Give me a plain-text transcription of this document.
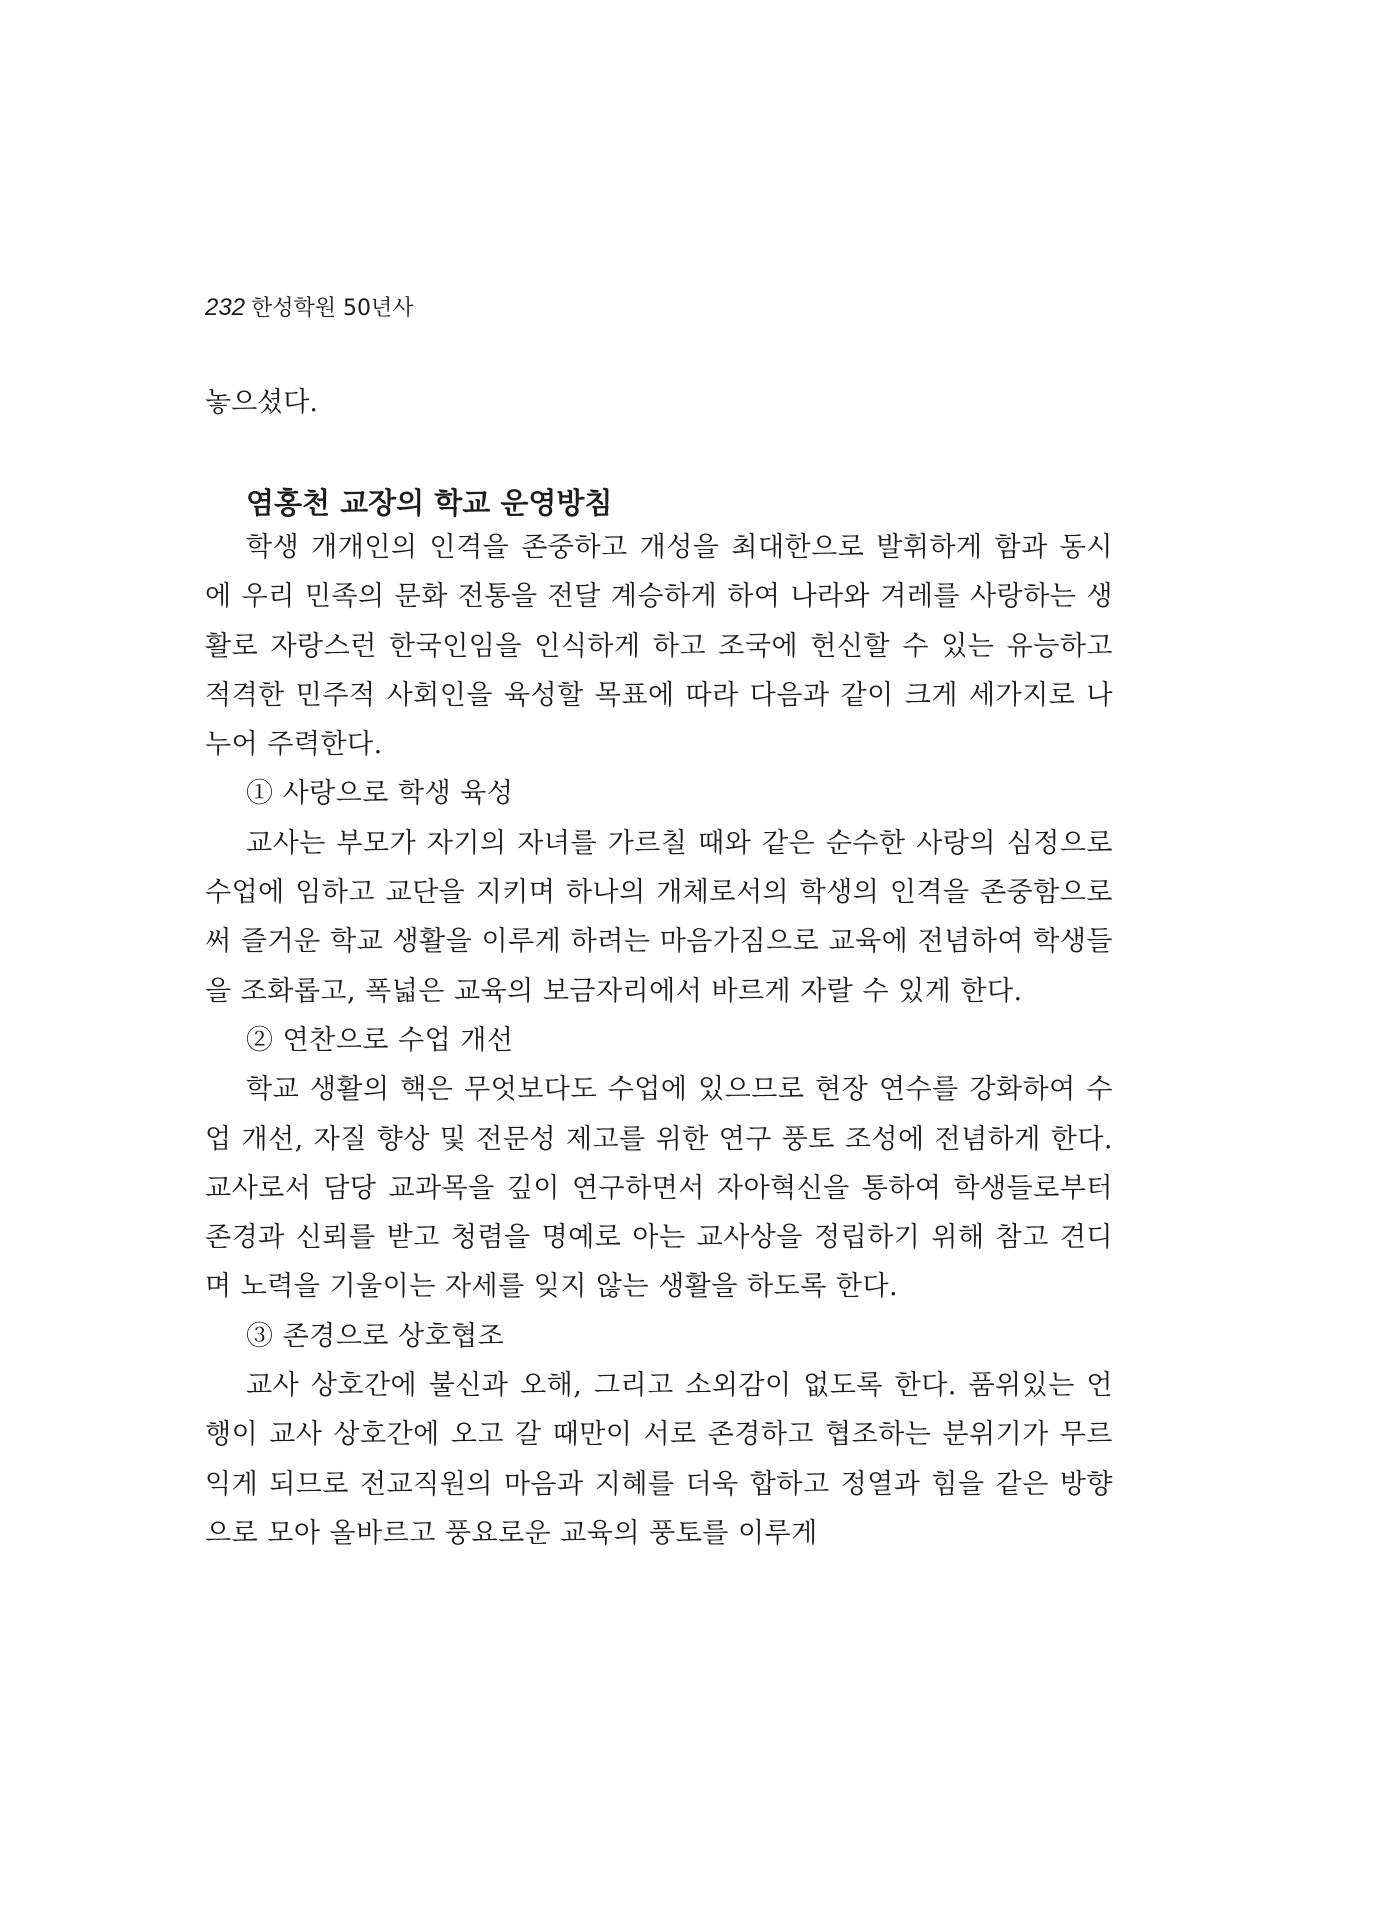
232 한성학원 50년사

놓으셨다.

염홍천 교장의 학교 운영방침

학생 개개인의 인격을 존중하고 개성을 최대한으로 발휘하게 함과 동시에 우리 민족의 문화 전통을 전달 계승하게 하여 나라와 겨레를 사랑하는 생활로 자랑스런 한국인임을 인식하게 하고 조국에 헌신할 수 있는 유능하고 적격한 민주적 사회인을 육성할 목표에 따라 다음과 같이 크게 세가지로 나누어 주력한다.

① 사랑으로 학생 육성

교사는 부모가 자기의 자녀를 가르칠 때와 같은 순수한 사랑의 심정으로 수업에 임하고 교단을 지키며 하나의 개체로서의 학생의 인격을 존중함으로써 즐거운 학교 생활을 이루게 하려는 마음가짐으로 교육에 전념하여 학생들을 조화롭고, 폭넓은 교육의 보금자리에서 바르게 자랄 수 있게 한다.

② 연찬으로 수업 개선

학교 생활의 핵은 무엇보다도 수업에 있으므로 현장 연수를 강화하여 수업 개선, 자질 향상 및 전문성 제고를 위한 연구 풍토 조성에 전념하게 한다. 교사로서 담당 교과목을 깊이 연구하면서 자아혁신을 통하여 학생들로부터 존경과 신뢰를 받고 청렴을 명예로 아는 교사상을 정립하기 위해 참고 견디며 노력을 기울이는 자세를 잊지 않는 생활을 하도록 한다.

③ 존경으로 상호협조

교사 상호간에 불신과 오해, 그리고 소외감이 없도록 한다. 품위있는 언행이 교사 상호간에 오고 갈 때만이 서로 존경하고 협조하는 분위기가 무르익게 되므로 전교직원의 마음과 지혜를 더욱 합하고 정열과 힘을 같은 방향으로 모아 올바르고 풍요로운 교육의 풍토를 이루게
